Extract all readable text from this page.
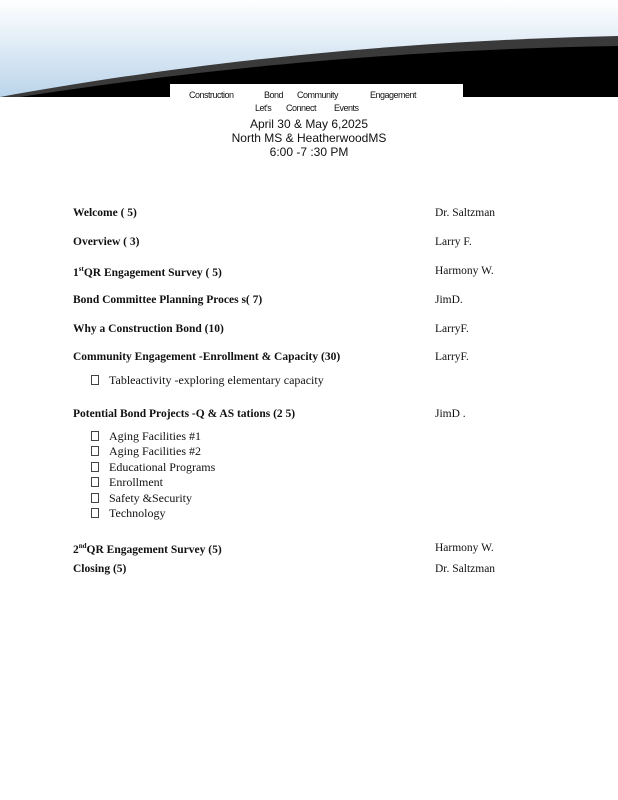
Construction	Bond Community	Engagement
Let's Connect Events
April 30 & May 6,2025
North MS & HeatherwoodMS
6:00 -7 :30 PM
Welcome ( 5)	Dr. Saltzman
Overview ( 3)	Larry F.
1stQR Engagement Survey ( 5)	Harmony W.
Bond Committee Planning Proces s( 7)	JimD.
Why a Construction Bond (10)	LarryF.
Community Engagement -Enrollment & Capacity (30)	LarryF.
Tableactivity -exploring elementary capacity
Potential Bond Projects -Q & AS tations (2 5)	JimD .
Aging Facilities #1
Aging Facilities #2
Educational Programs
Enrollment
Safety &Security
Technology
2ndQR Engagement Survey (5)	Harmony W.
Closing (5)	Dr. Saltzman
